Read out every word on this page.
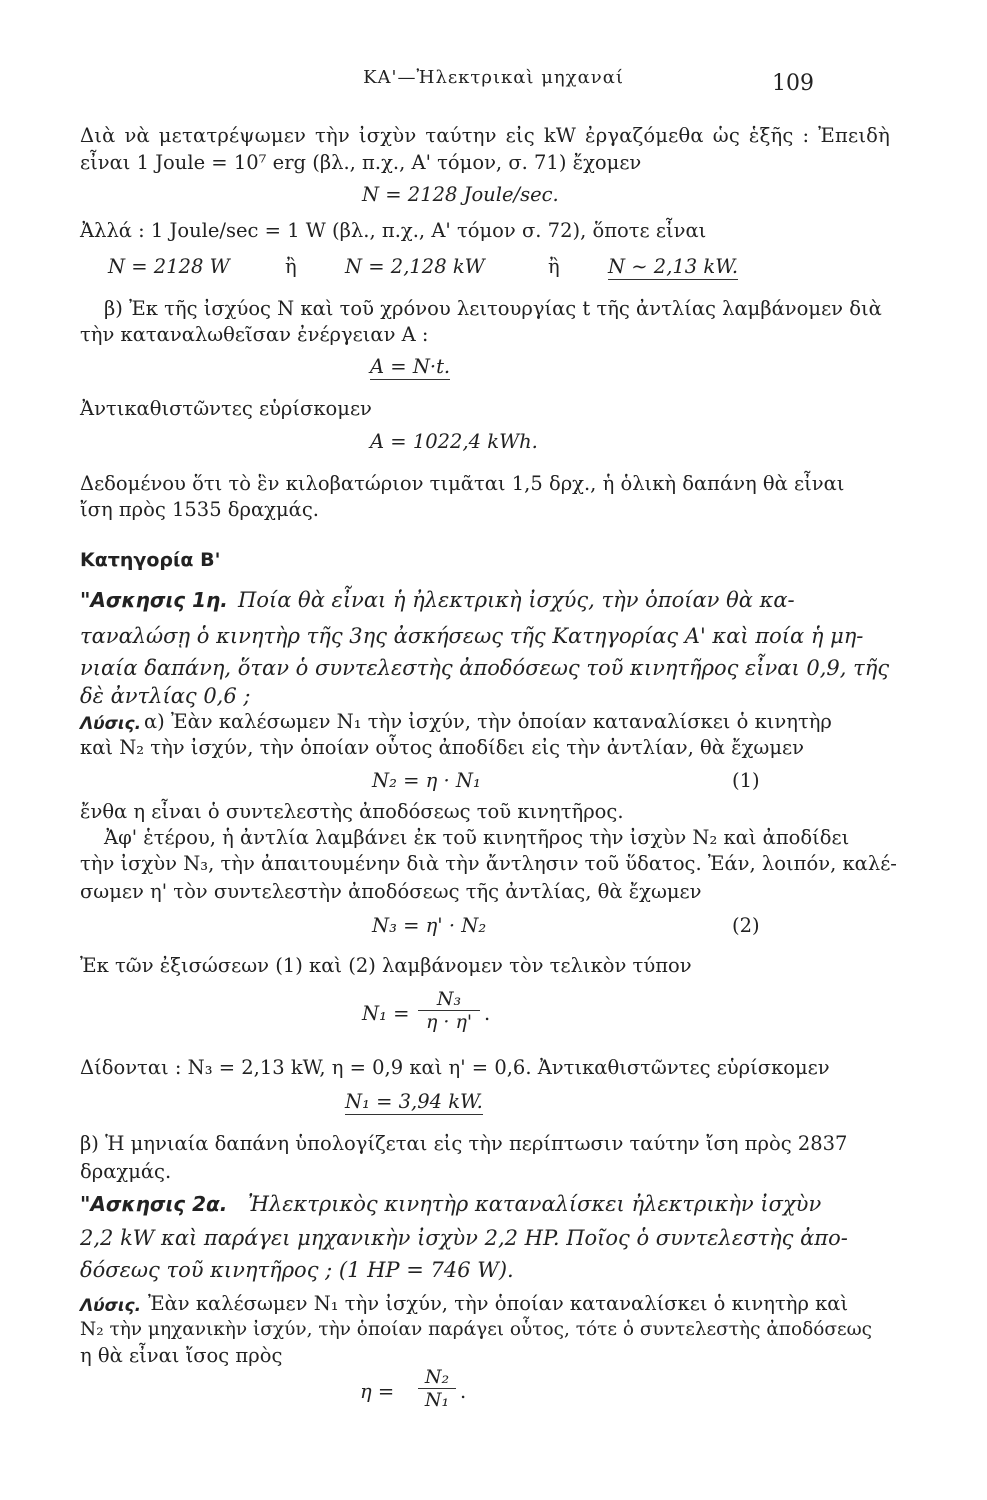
ΚΑ'—Ἠλεκτρικαὶ μηχαναί	109
Διὰ νὰ μετατρέψωμεν τὴν ἰσχὺν ταύτην εἰς kW ἐργαζόμεθα ὡς ἑξῆς : Ἐπειδὴ
εἶναι 1 Joule = 10⁷ erg (βλ., π.χ., Α' τόμον, σ. 71) ἔχομεν
N = 2128 Joule/sec.
Ἀλλά : 1 Joule/sec = 1 W (βλ., π.χ., Α' τόμον σ. 72), ὅποτε εἶναι
N = 2128 W	ἢ N = 2,128 kW	ἢ N ∼ 2,13 kW.
β) Ἐκ τῆς ἰσχύος N καὶ τοῦ χρόνου λειτουργίας t τῆς ἀντλίας λαμβάνομεν διὰ
τὴν καταναλωθεῖσαν ἐνέργειαν A :
A = N·t.
Ἀντικαθιστῶντες εὑρίσκομεν
A = 1022,4 kWh.
Δεδομένου ὅτι τὸ ἓν κιλοβατώριον τιμᾶται 1,5 δρχ., ἡ ὁλικὴ δαπάνη θὰ εἶναι
ἴση πρὸς 1535 δραχμάς.
Κατηγορία Β'
"Ασκησις 1η. Ποία θὰ εἶναι ἡ ἠλεκτρικὴ ἰσχύς, τὴν ὁποίαν θὰ κα-
ταναλώσῃ ὁ κινητὴρ τῆς 3ης ἀσκήσεως τῆς Κατηγορίας Α' καὶ ποία ἡ μη-
νιαία δαπάνη, ὅταν ὁ συντελεστὴς ἀποδόσεως τοῦ κινητῆρος εἶναι 0,9, τῆς
δὲ ἀντλίας 0,6 ;
Λύσις. α) Ἐὰν καλέσωμεν N₁ τὴν ἰσχύν, τὴν ὁποίαν καταναλίσκει ὁ κινητὴρ
καὶ N₂ τὴν ἰσχύν, τὴν ὁποίαν οὗτος ἀποδίδει εἰς τὴν ἀντλίαν, θὰ ἔχωμεν
N₂ = η · N₁	(1)
ἔνθα η εἶναι ὁ συντελεστὴς ἀποδόσεως τοῦ κινητῆρος.
Ἀφ' ἑτέρου, ἡ ἀντλία λαμβάνει ἐκ τοῦ κινητῆρος τὴν ἰσχὺν N₂ καὶ ἀποδίδει
τὴν ἰσχὺν N₃, τὴν ἀπαιτουμένην διὰ τὴν ἄντλησιν τοῦ ὕδατος. Ἐάν, λοιπόν, καλέ-
σωμεν η' τὸν συντελεστὴν ἀποδόσεως τῆς ἀντλίας, θὰ ἔχωμεν
N₃ = η' · N₂	(2)
Ἐκ τῶν ἐξισώσεων (1) καὶ (2) λαμβάνομεν τὸν τελικὸν τύπον
N₁ =
N₃
η · η' .
Δίδονται : N₃ = 2,13 kW, η = 0,9 καὶ η' = 0,6. Ἀντικαθιστῶντες εὑρίσκομεν
N₁ = 3,94 kW.
β) Ἡ μηνιαία δαπάνη ὑπολογίζεται εἰς τὴν περίπτωσιν ταύτην ἴση πρὸς 2837
δραχμάς.
"Ασκησις 2α. Ἠλεκτρικὸς κινητὴρ καταναλίσκει ἠλεκτρικὴν ἰσχὺν
2,2 kW καὶ παράγει μηχανικὴν ἰσχὺν 2,2 HP. Ποῖος ὁ συντελεστὴς ἀπο-
δόσεως τοῦ κινητῆρος ; (1 HP = 746 W).
Λύσις. Ἐὰν καλέσωμεν N₁ τὴν ἰσχύν, τὴν ὁποίαν καταναλίσκει ὁ κινητὴρ καὶ
N₂ τὴν μηχανικὴν ἰσχύν, τὴν ὁποίαν παράγει οὗτος, τότε ὁ συντελεστὴς ἀποδόσεως
η θὰ εἶναι ἴσος πρὸς
η =
N₂
N₁ .
